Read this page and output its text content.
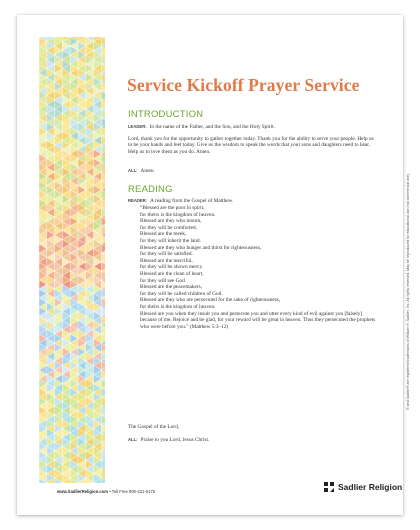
Service Kickoff Prayer Service
INTRODUCTION
LEADER: In the name of the Father, and the Son, and the Holy Spirit.
Lord, thank you for the opportunity to gather together today. Thank you for the ability to serve your people. Help us to be your hands and feet today. Give us the wisdom to speak the words that your sons and daughters need to hear. Help us to love them as you do. Amen.
ALL: Amen.
READING
READER: A reading from the Gospel of Matthew.
“Blessed are the poor in spirit,
for theirs is the kingdom of heaven.
Blessed are they who mourn,
for they will be comforted.
Blessed are the meek,
for they will inherit the land.
Blessed are they who hunger and thirst for righteousness,
for they will be satisfied.
Blessed are the merciful,
for they will be shown mercy.
Blessed are the clean of heart,
for they will see God.
Blessed are the peacemakers,
for they will be called children of God.
Blessed are they who are persecuted for the sake of righteousness,
for theirs is the kingdom of heaven.
Blessed are you when they insult you and persecute you and utter every kind of evil against you [falsely] because of me. Rejoice and be glad, for your reward will be great in heaven. Thus they persecuted the prophets who were before you.” (Matthew 5:3–12)
The Gospel of the Lord,
ALL: Praise to you Lord, Jesus Christ.
® and Sadlier® are registered trademarks of William H. Sadlier, Inc. All rights reserved. May be reproduced for educational use (not commercial use).
www.SadlierReligion.com • Toll Free 800-221-5175	Sadlier Religion
